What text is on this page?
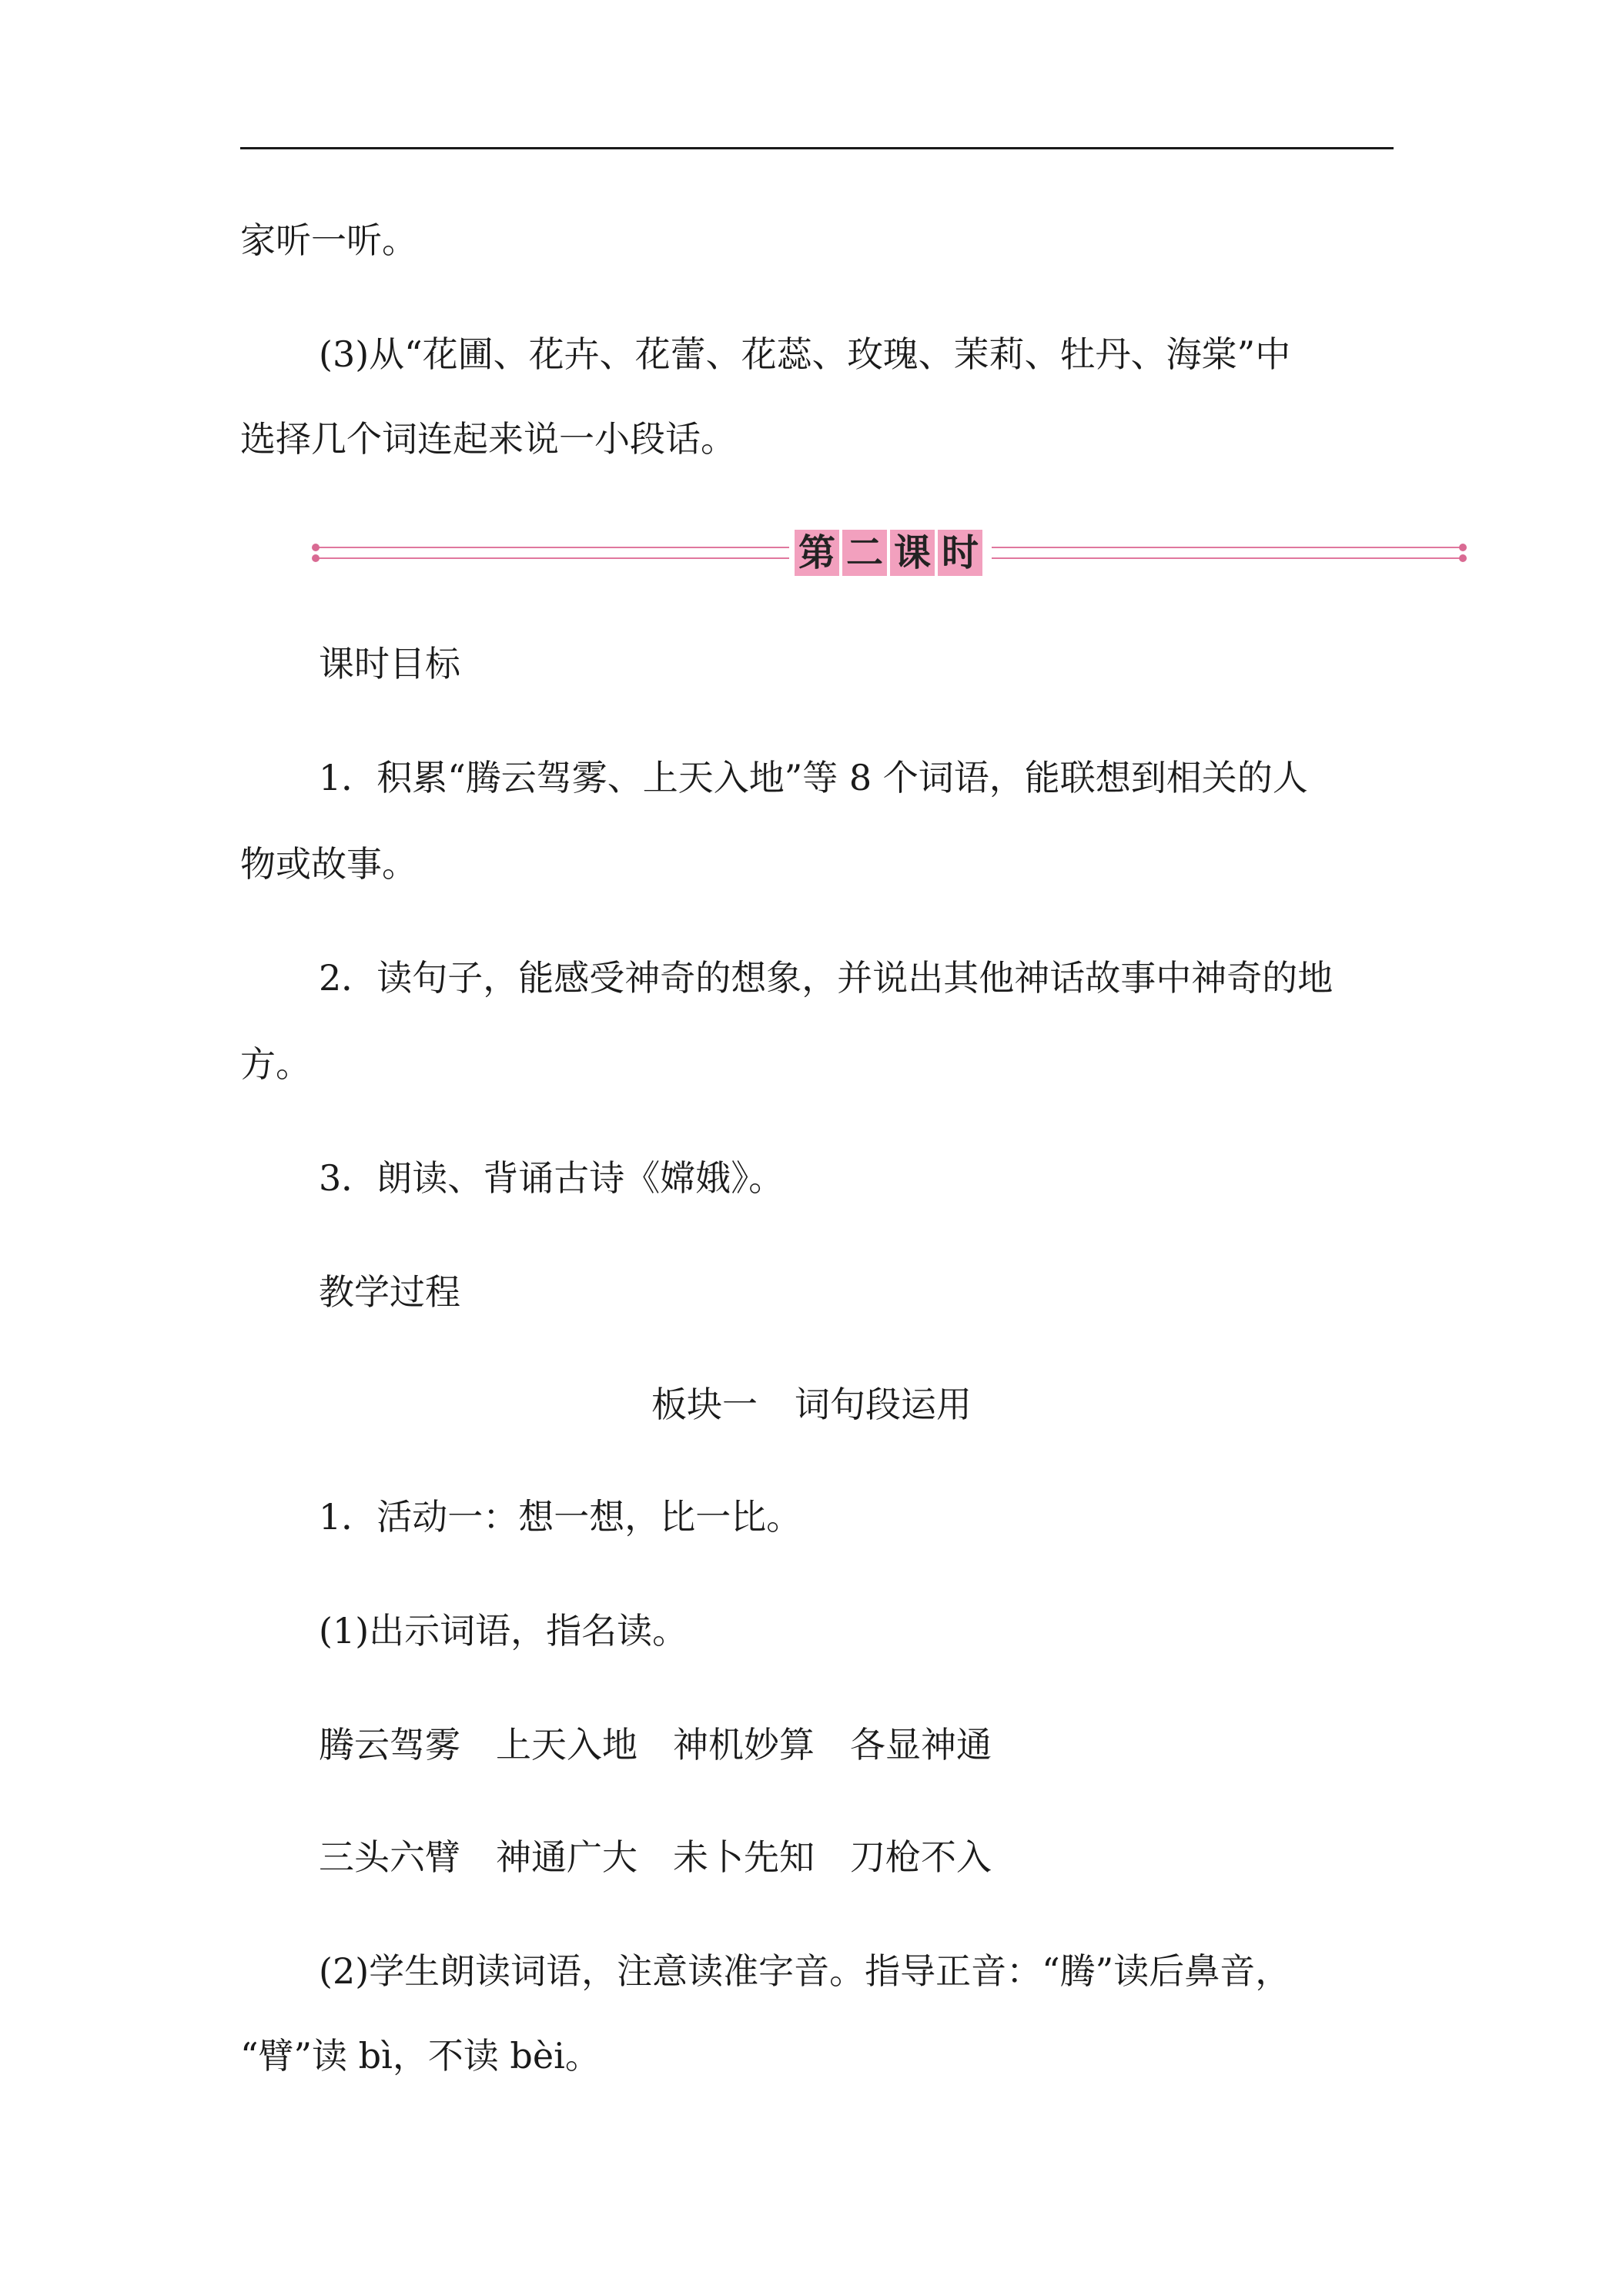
家听一听。
(3)从“花圃、花卉、花蕾、花蕊、玫瑰、茉莉、牡丹、海棠”中
选择几个词连起来说一小段话。
第 二 课 时
课时目标
1．积累“腾云驾雾、上天入地”等 8 个词语，能联想到相关的人
物或故事。
2．读句子，能感受神奇的想象，并说出其他神话故事中神奇的地
方。
3．朗读、背诵古诗《嫦娥》。
教学过程
板块一 词句段运用
1．活动一：想一想，比一比。
(1)出示词语，指名读。
腾云驾雾　上天入地　神机妙算　各显神通
三头六臂　神通广大　未卜先知　刀枪不入
(2)学生朗读词语，注意读准字音。指导正音：“腾”读后鼻音，
“臂”读 bì，不读 bèi。
